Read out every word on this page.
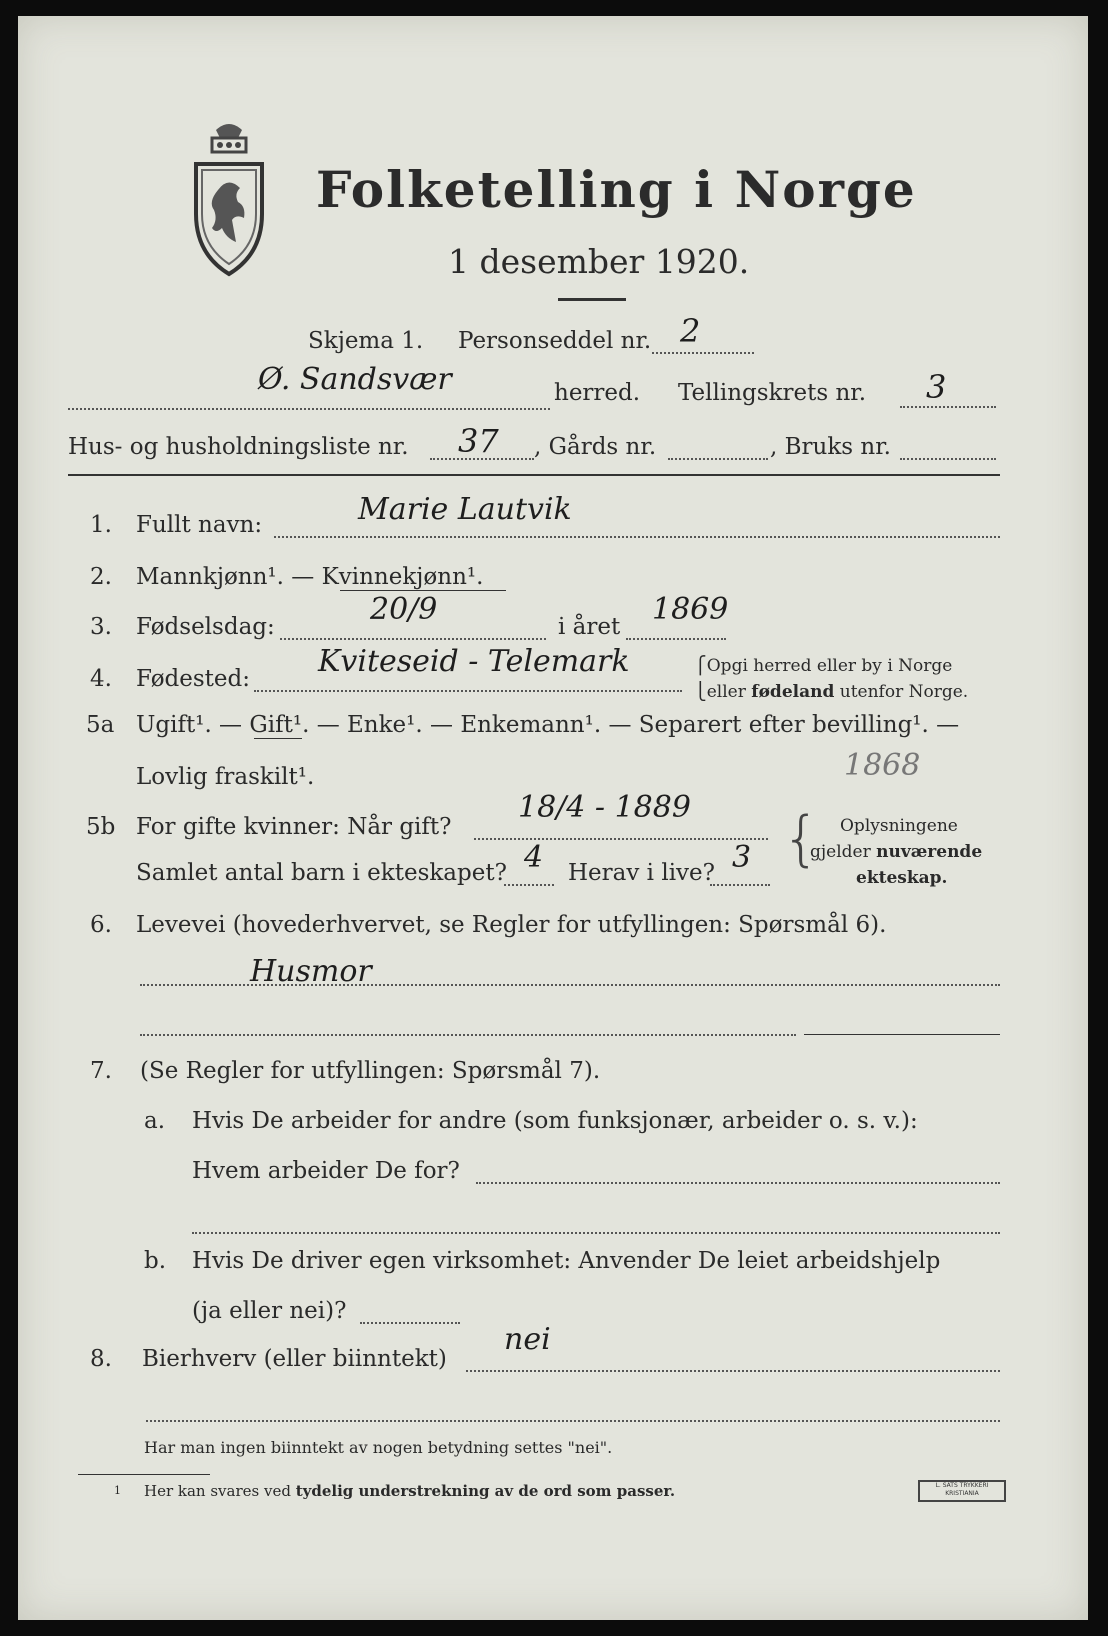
Folketelling i Norge
1 desember 1920.
Skjema 1. Personseddel nr. 2
Ø. Sandsvær	herred. Tellingskrets nr. 3
Hus- og husholdningsliste nr. 37 , Gårds nr.	, Bruks nr.
1. Fullt navn:	Marie Lautvik
2. Mannkjønn¹. — Kvinnekjønn¹.
3. Fødselsdag:	20/9	i året 1869
4. Fødested: Kviteseid - Telemark	⎧Opgi herred eller by i Norge
⎩eller fødeland utenfor Norge.
5a Ugift¹. — Gift¹. — Enke¹. — Enkemann¹. — Separert efter bevilling¹. —
Lovlig fraskilt¹.	1868
5b For gifte kvinner: Når gift?
18/4 - 1889
Samlet antal barn i ekteskapet? 4 Herav i live? 3 { Oplysningene
gjelder nuværende
ekteskap.
6. Levevei (hovederhvervet, se Regler for utfyllingen: Spørsmål 6).
Husmor
7. (Se Regler for utfyllingen: Spørsmål 7).
a. Hvis De arbeider for andre (som funksjonær, arbeider o. s. v.):
Hvem arbeider De for?
b. Hvis De driver egen virksomhet: Anvender De leiet arbeidshjelp
(ja eller nei)?
8. Bierhverv (eller biinntekt)
nei
Har man ingen biinntekt av nogen betydning settes "nei".
1 Her kan svares ved tydelig understrekning av de ord som passer.	L. SATS TRYKKERI KRISTIANIA
